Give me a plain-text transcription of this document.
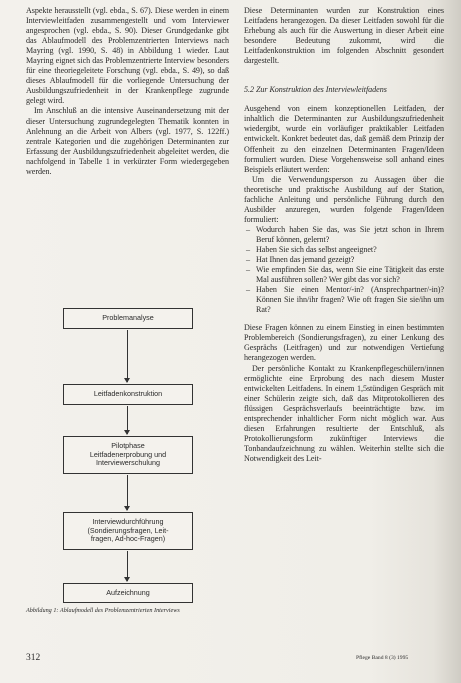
Aspekte herausstellt (vgl. ebda., S. 67). Diese werden in einem Interviewleitfaden zusammengestellt und vom Interviewer angesprochen (vgl. ebda., S. 90). Dieser Grundgedanke gibt das Ablaufmodell des Problemzentrierten Interviews nach Mayring (vgl. 1990, S. 48) in Abbildung 1 wieder. Laut Mayring eignet sich das Problemzentrierte Interview besonders für eine theoriegeleitete Forschung (vgl. ebda., S. 49), so daß dieses Ablaufmodell für die vorliegende Untersuchung der Ausbildungszufriedenheit in der Krankenpflege zugrunde gelegt wird.

Im Anschluß an die intensive Auseinandersetzung mit der dieser Untersuchung zugrundegelegten Thematik konnten in Anlehnung an die Arbeit von Albers (vgl. 1977, S. 122ff.) zentrale Kategorien und die zugehörigen Determinanten zur Erfassung der Ausbildungszufriedenheit abgeleitet werden, die nachfolgend in Tabelle 1 in verkürzter Form wiedergegeben werden.

Problemanalyse
Leitfadenkonstruktion
Pilotphase
Leitfadenerprobung und
Interviewerschulung
Interviewdurchführung
(Sondierungsfragen, Leit-
fragen, Ad-hoc-Fragen)
Aufzeichnung
Abbildung 1: Ablaufmodell des Problemzentrierten Interviews
312

Diese Determinanten wurden zur Konstruktion eines Leitfadens herangezogen. Da dieser Leitfaden sowohl für die Erhebung als auch für die Auswertung in dieser Arbeit eine besondere Bedeutung zukommt, wird die Leitfadenkonstruktion im folgenden Abschnitt gesondert dargestellt.

5.2 Zur Konstruktion des Interviewleitfadens

Ausgehend von einem konzeptionellen Leitfaden, der inhaltlich die Determinanten zur Ausbildungszufriedenheit wiedergibt, wurde ein vorläufiger praktikabler Leitfaden entwickelt. Konkret bedeutet das, daß gemäß dem Prinzip der Offenheit zu den einzelnen Determinanten Fragen/Ideen formuliert wurden. Diese Vorgehensweise soll anhand eines Beispiels erläutert werden:

Um die Verwendungsperson zu Aussagen über die theoretische und praktische Ausbildung auf der Station, fachliche Anleitung und persönliche Führung durch den Ausbilder anzuregen, wurden folgende Fragen/Ideen formuliert:

– Wodurch haben Sie das, was Sie jetzt schon in Ihrem Beruf können, gelernt?
– Haben Sie sich das selbst angeeignet?
– Hat Ihnen das jemand gezeigt?
– Wie empfinden Sie das, wenn Sie eine Tätigkeit das erste Mal ausführen sollen? Wer gibt das vor sich?
– Haben Sie einen Mentor/-in? (Ansprechpartner/-in)? Können Sie ihn/ihr fragen? Wie oft fragen Sie sie/ihn um Rat?

Diese Fragen können zu einem Einstieg in einen bestimmten Problembereich (Sondierungsfragen), zu einer Lenkung des Gesprächs (Leitfragen) und zur notwendigen Vertiefung herangezogen werden.

Der persönliche Kontakt zu Krankenpflegeschülern/innen ermöglichte eine Erprobung des nach diesem Muster entwickelten Leitfadens. In einem 1,5stündigen Gespräch mit einer Schülerin zeigte sich, daß das Mitprotokollieren des flüssigen Gesprächsverlaufs beeinträchtigte bzw. im entsprechender inhaltlicher Form nicht möglich war. Aus diesen Erfahrungen resultierte der Entschluß, als Protokollierungsform zukünftiger Interviews die Tonbandaufzeichnung zu wählen. Weiterhin stellte sich die Notwendigkeit des Leit-

Pflege Band 8 (3) 1995
